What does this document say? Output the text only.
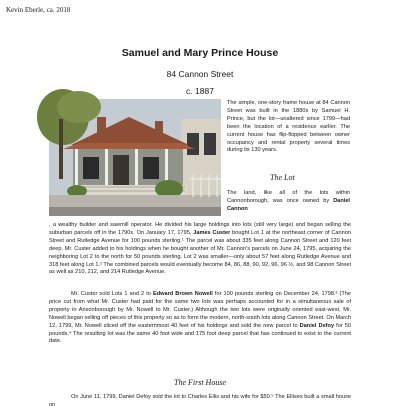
Kevin Eberle, ca. 2018
Samuel and Mary Prince House
84 Cannon Street
c. 1887

The simple, one-story frame house at 84 Cannon Street was built in the 1880s by Samuel H. Prince, but the lot—unaltered since 1799—had been the location of a residence earlier. The current house has flip-flopped between owner occupancy and rental property several times during its 130 years.

The Lot

The land, like all of the lots within Cannonborough, was once owned by Daniel Cannon

, a wealthy builder and sawmill operator. He divided his large holdings into lots (still very large) and began selling the suburban parcels off in the 1790s. On January 17, 1795, James Custer bought Lot 1 at the northeast corner of Cannon Street and Rutledge Avenue for 100 pounds sterling.¹ The parcel was about 335 feet along Cannon Street and 120 feet deep. Mr. Custer added to his holdings when he bought another of Mr. Cannon’s parcels on June 24, 1795, acquiring the neighboring Lot 2 to the north for 50 pounds sterling. Lot 2 was smaller—only about 57 feet along Rutledge Avenue and 318 feet along Lot 1.² The combined parcels would eventually become 84, 86, 88, 90, 92, 96, 96 ½, and 98 Cannon Street as well as 210, 212, and 214 Rutledge Avenue.

Mr. Custer sold Lots 1 and 2 to Edward Brown Nowell for 100 pounds sterling on December 24, 1798.³ (The price cut from what Mr. Custer had paid for the same two lots was perhaps accounted for in a simultaneous sale of property in Ansonborough by Mr. Nowell to Mr. Custer.) Although the two lots were originally oriented east-west, Mr. Nowell began selling off pieces of this property so as to form the modern, north-south lots along Cannon Street. On March 12, 1799, Mr. Nowell sliced off the easternmost 40 feet of his holdings and sold the new parcel to Daniel Defoy for 50 pounds.⁴ The resulting lot was the same 40 foot wide and 175 foot deep parcel that has continued to exist to the current date.

The First House

On June 11, 1799, Daniel Defoy sold the lot to Charles Ellis and his wife for $50.⁵ The Ellises built a small house on
